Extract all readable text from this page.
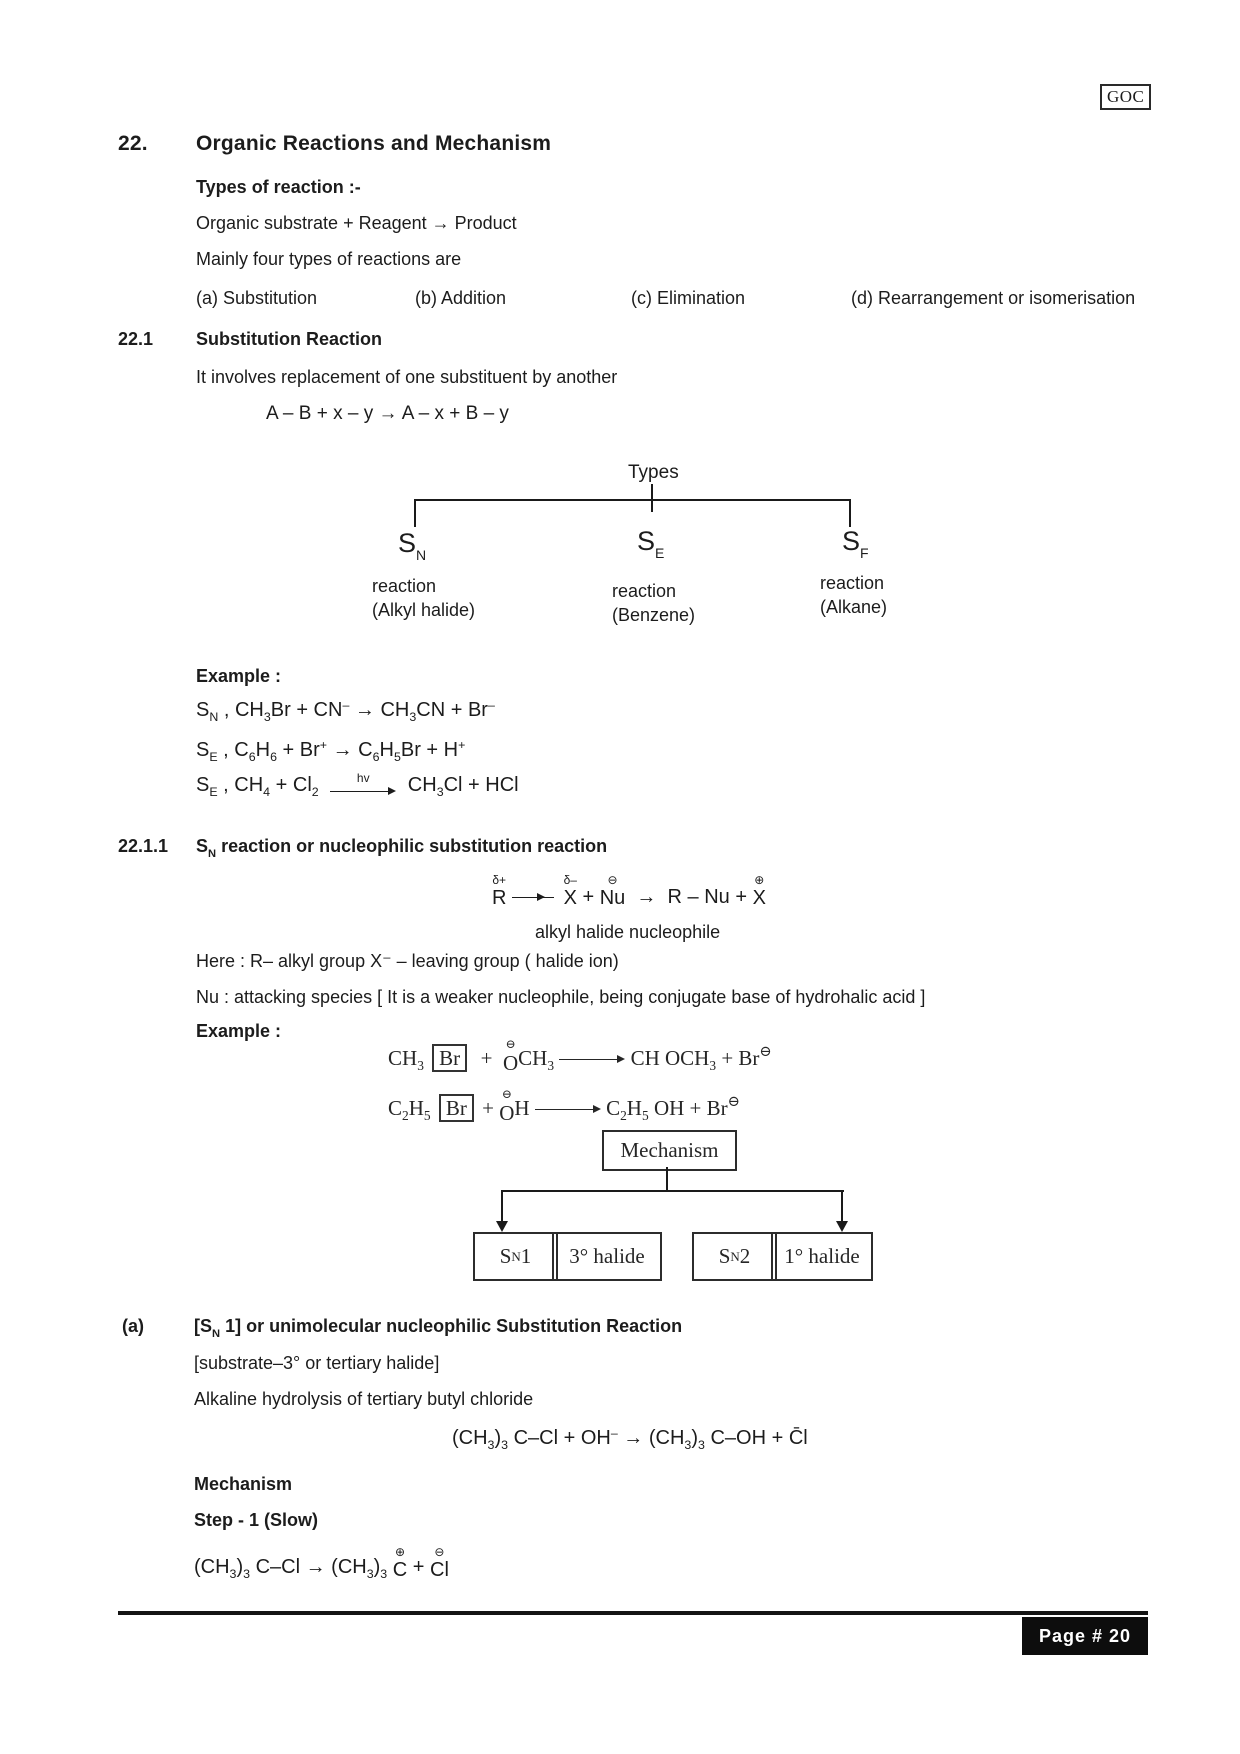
GOC
22. Organic Reactions and Mechanism
Types of reaction :-
Organic substrate + Reagent → Product
Mainly four types of reactions are
(a) Substitution	(b) Addition	(c) Elimination	(d) Rearrangement or isomerisation
22.1 Substitution Reaction
It involves replacement of one substituent by another
A – B + x – y → A – x + B – y
Types
$S_N$	$S_E$	$S_F$
reaction
(Alkyl halide)
reaction
(Benzene)
reaction
(Alkane)
Example :
$S_N$ , $CH_3Br + CN^- \to CH_3CN + Br^-$
$S_E$ , $C_6H_6 + Br^+ \to C_6H_5Br + H^+$
$S_E$ , $CH_4 + Cl_2$
hv $CH_3Cl$ + HCl
22.1.1 $S_N$ reaction or nucleophilic substitution reaction
δ+
R

δ–
X +
⊖
Nu →  R – Nu +
⊕
X
alkyl halide nucleophile
Here : R– alkyl group X⁻ – leaving group ( halide ion)
Nu : attacking species [ It is a weaker nucleophile, being conjugate base of hydrohalic acid ]
Example :
$CH_3$ Br  +
⊖
O $CH_3$	CH $OCH_3 + Br^⊖$
$C_2H_5$ Br +
⊖
O H	$C_2H_5$ OH + Br⊖
Mechanism
S N 1	3° halide	S N 2	1° halide
(a)	[$S_N$ 1] or unimolecular nucleophilic Substitution Reaction
[substrate–3° or tertiary halide]
Alkaline hydrolysis of tertiary butyl chloride
$(CH_3)_3$ $C-Cl + OH^- \to (CH_3)_3$ C–OH + C̄l
Mechanism
Step - 1 (Slow)
$(CH_3)_3$ $C-Cl \to (CH_3)_3$
⊕
C +
⊖
Cl
Page # 20
